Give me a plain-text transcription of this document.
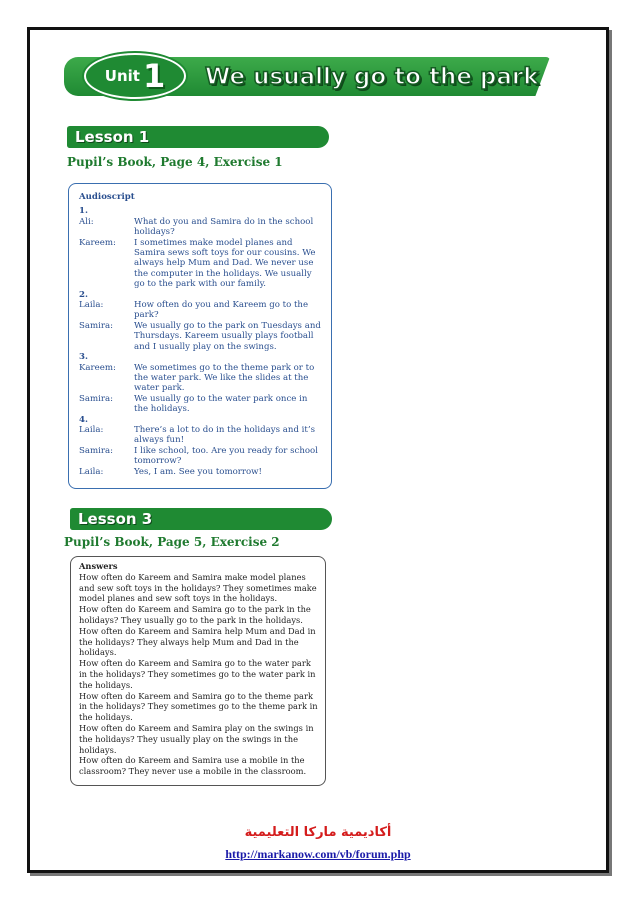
Unit 1 We usually go to the park
Lesson 1
Pupil’s Book, Page 4, Exercise 1
Audioscript
1.
Ali:	What do you and Samira do in the school holidays?
Kareem:	I sometimes make model planes and Samira sews soft toys for our cousins. We always help Mum and Dad. We never use the computer in the holidays. We usually go to the park with our family.
2.
Laila:	How often do you and Kareem go to the park?
Samira:	We usually go to the park on Tuesdays and Thursdays. Kareem usually plays football and I usually play on the swings.
3.
Kareem:	We sometimes go to the theme park or to the water park. We like the slides at the water park.
Samira:	We usually go to the water park once in the holidays.
4.
Laila:	There’s a lot to do in the holidays and it’s always fun!
Samira:	I like school, too. Are you ready for school tomorrow?
Laila:	Yes, I am. See you tomorrow!
Lesson 3
Pupil’s Book, Page 5, Exercise 2
Answers
How often do Kareem and Samira make model planes and sew soft toys in the holidays? They sometimes make model planes and sew soft toys in the holidays.
How often do Kareem and Samira go to the park in the holidays? They usually go to the park in the holidays.
How often do Kareem and Samira help Mum and Dad in the holidays? They always help Mum and Dad in the holidays.
How often do Kareem and Samira go to the water park in the holidays? They sometimes go to the water park in the holidays.
How often do Kareem and Samira go to the theme park in the holidays? They sometimes go to the theme park in the holidays.
How often do Kareem and Samira play on the swings in the holidays? They usually play on the swings in the holidays.
How often do Kareem and Samira use a mobile in the classroom? They never use a mobile in the classroom.
أكاديمية ماركا التعليمية
http://markanow.com/vb/forum.php
